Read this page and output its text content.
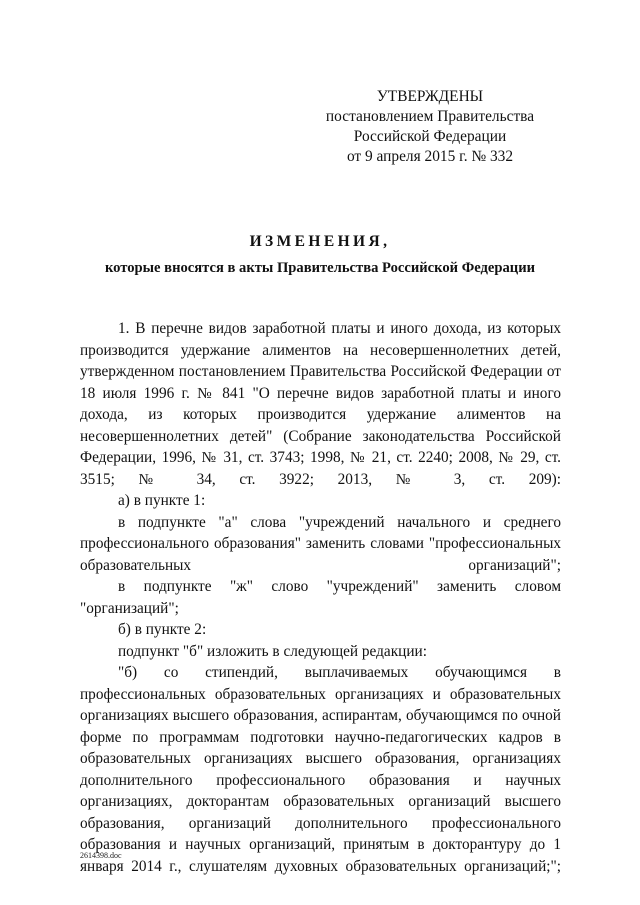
УТВЕРЖДЕНЫ
постановлением Правительства
Российской Федерации
от 9 апреля 2015 г. № 332
ИЗМЕНЕНИЯ,
которые вносятся в акты Правительства Российской Федерации

1. В перечне видов заработной платы и иного дохода, из которых производится удержание алиментов на несовершеннолетних детей, утвержденном постановлением Правительства Российской Федерации от 18 июля 1996 г. № 841 "О перечне видов заработной платы и иного дохода, из которых производится удержание алиментов на несовершеннолетних детей" (Собрание законодательства Российской Федерации, 1996, № 31, ст. 3743; 1998, № 21, ст. 2240; 2008, № 29, ст. 3515; № 34, ст. 3922; 2013, № 3, ст. 209):

а) в пункте 1:

в подпункте "а" слова "учреждений начального и среднего профессионального образования" заменить словами "профессиональных образовательных организаций";

в подпункте "ж" слово "учреждений" заменить словом "организаций";

б) в пункте 2:

подпункт "б" изложить в следующей редакции:

"б) со стипендий, выплачиваемых обучающимся в профессиональных образовательных организациях и образовательных организациях высшего образования, аспирантам, обучающимся по очной форме по программам подготовки научно-педагогических кадров в образовательных организациях высшего образования, организациях дополнительного профессионального образования и научных организациях, докторантам образовательных организаций высшего образования, организаций дополнительного профессионального образования и научных организаций, принятым в докторантуру до 1 января 2014 г., слушателям духовных образовательных организаций;";

2614398.doc
